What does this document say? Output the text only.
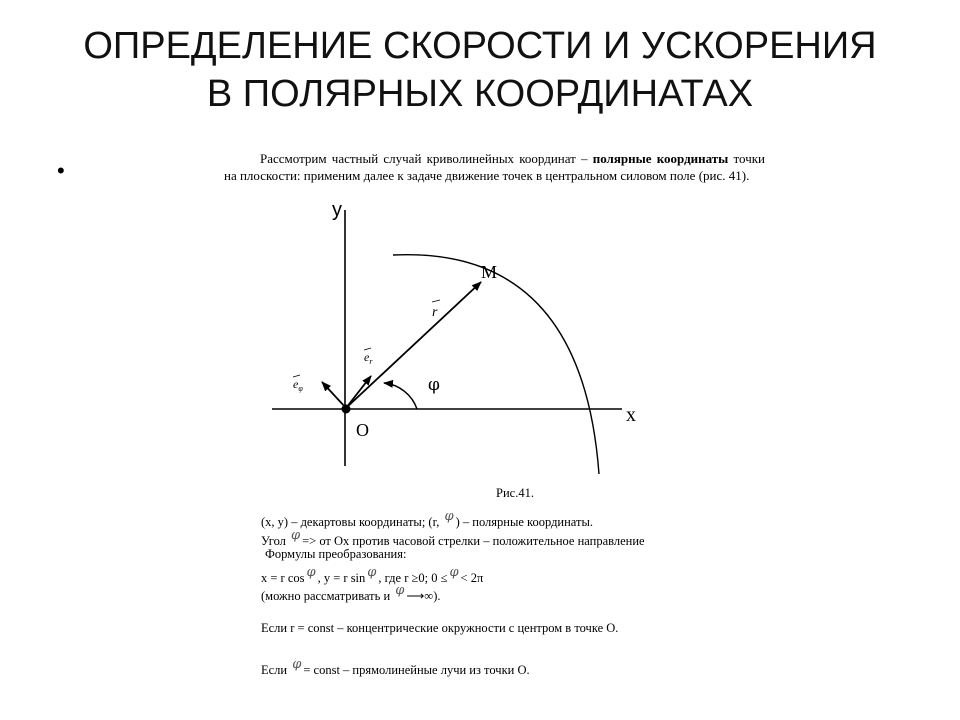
ОПРЕДЕЛЕНИЕ СКОРОСТИ И УСКОРЕНИЯ
В ПОЛЯРНЫХ КООРДИНАТАХ
•	Рассмотрим частный случай криволинейных координат – полярные координаты точки на плоскости: применим далее к задаче движение точек в центральном силовом поле (рис. 41).
y
x
O
M
φ
r
$e_r$
$e_\varphi$
Рис.41.
(x, y) – декартовы координаты; (r, φ ) – полярные координаты.
Угол φ => от Ох против часовой стрелки – положительное направление
Формулы преобразования:
x = r cos φ , y = r sin φ , где r ≥0; 0 ≤ φ < 2π
(можно рассматривать и φ ⟶∞).
Если r = const – концентрические окружности с центром в точке О.
Если φ = const – прямолинейные лучи из точки О.
